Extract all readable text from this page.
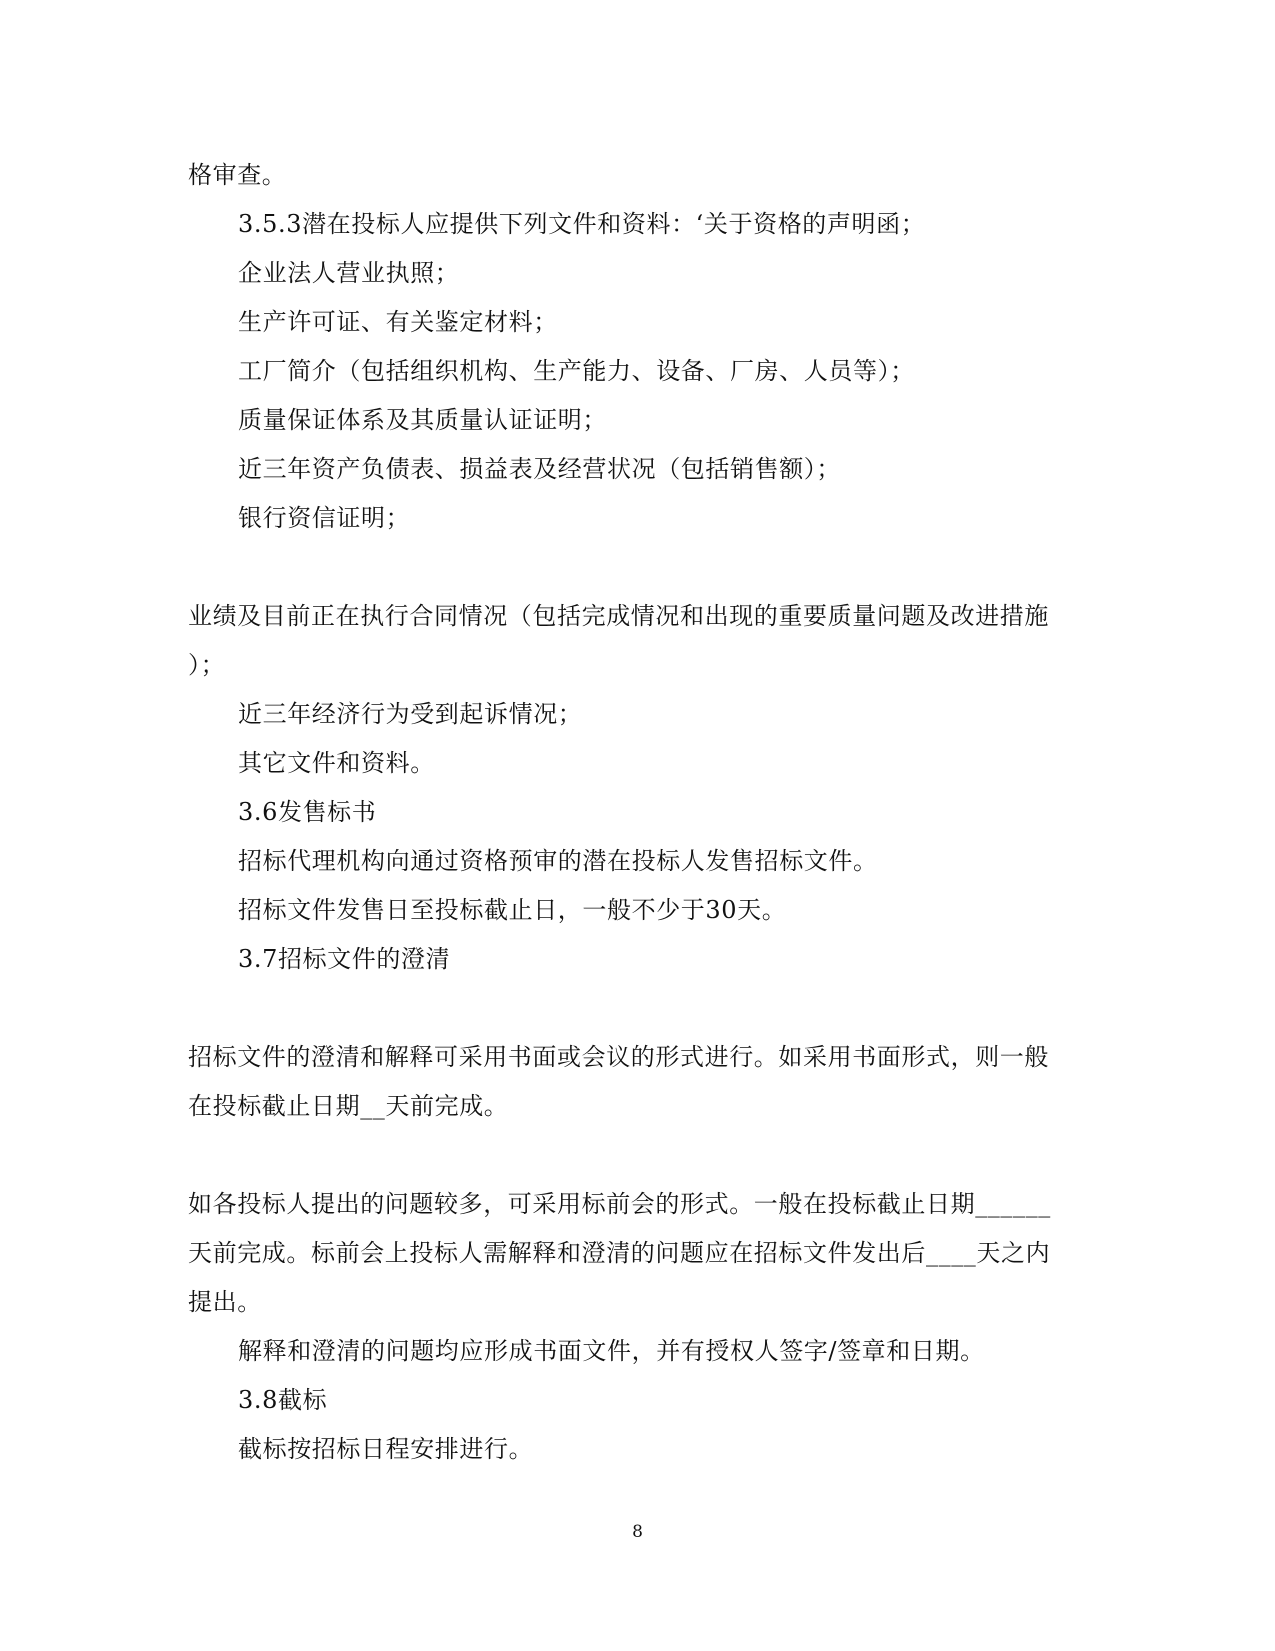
格审查。
3.5.3潜在投标人应提供下列文件和资料：‘关于资格的声明函；
企业法人营业执照；
生产许可证、有关鉴定材料；
工厂简介（包括组织机构、生产能力、设备、厂房、人员等）；
质量保证体系及其质量认证证明；
近三年资产负债表、损益表及经营状况（包括销售额）；
银行资信证明；
业绩及目前正在执行合同情况（包括完成情况和出现的重要质量问题及改进措施
）；
近三年经济行为受到起诉情况；
其它文件和资料。
3.6发售标书
招标代理机构向通过资格预审的潜在投标人发售招标文件。
招标文件发售日至投标截止日，一般不少于30天。
3.7招标文件的澄清
招标文件的澄清和解释可采用书面或会议的形式进行。如采用书面形式，则一般
在投标截止日期__天前完成。
如各投标人提出的问题较多，可采用标前会的形式。一般在投标截止日期______
天前完成。标前会上投标人需解释和澄清的问题应在招标文件发出后____天之内
提出。
解释和澄清的问题均应形成书面文件，并有授权人签字/签章和日期。
3.8截标
截标按招标日程安排进行。
8
